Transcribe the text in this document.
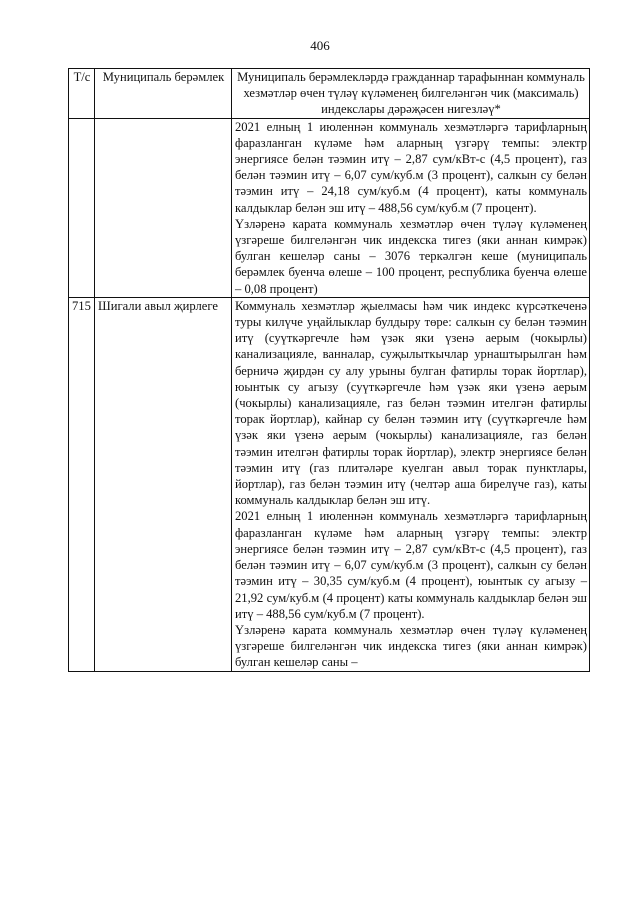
406
Т/с	Муниципаль берәмлек	Муниципаль берәмлекләрдә гражданнар тарафыннан коммуналь хезмәтләр өчен түләү күләменең билгеләнгән чик (максималь) индекслары дәрәҗәсен нигезләү*

		2021 елның 1 июленнән коммуналь хезмәтләргә тарифларның фаразланган күләме һәм аларның үзгәрү темпы: электр энергиясе белән тәэмин итү – 2,87 сум/кВт-с (4,5 процент), газ белән тәэмин итү – 6,07 сум/куб.м (3 процент), салкын су белән тәэмин итү – 24,18 сум/куб.м (4 процент), каты коммуналь калдыклар белән эш итү – 488,56 сум/куб.м (7 процент).

Үзләренә карата коммуналь хезмәтләр өчен түләү күләменең үзгәреше билгеләнгән чик индекска тигез (яки аннан кимрәк) булган кешеләр саны – 3076 теркәлгән кеше (муниципаль берәмлек буенча өлеше – 100 процент, республика буенча өлеше – 0,08 процент)

715	Шигали авыл җирлеге	Коммуналь хезмәтләр җыелмасы һәм чик индекс күрсәткеченә туры килүче уңайлыклар булдыру төре: салкын су белән тәэмин итү (суүткәргечле һәм үзәк яки үзенә аерым (чокырлы) канализацияле, ванналар, суҗылыткычлар урнаштырылган һәм берничә җирдән су алу урыны булган фатирлы торак йортлар), юынтык су агызу (суүткәргечле һәм үзәк яки үзенә аерым (чокырлы) канализацияле, газ белән тәэмин ителгән фатирлы торак йортлар), кайнар су белән тәэмин итү (суүткәргечле һәм үзәк яки үзенә аерым (чокырлы) канализацияле, газ белән тәэмин ителгән фатирлы торак йортлар), электр энергиясе белән тәэмин итү (газ плитәләре куелган авыл торак пунктлары, йортлар), газ белән тәэмин итү (челтәр аша бирелүче газ), каты коммуналь калдыклар белән эш итү.

2021 елның 1 июленнән коммуналь хезмәтләргә тарифларның фаразланган күләме һәм аларның үзгәрү темпы: электр энергиясе белән тәэмин итү – 2,87 сум/кВт-с (4,5 процент), газ белән тәэмин итү – 6,07 сум/куб.м (3 процент), салкын су белән тәэмин итү – 30,35 сум/куб.м (4 процент), юынтык су агызу – 21,92 сум/куб.м (4 процент) каты коммуналь калдыклар белән эш итү – 488,56 сум/куб.м (7 процент).

Үзләренә карата коммуналь хезмәтләр өчен түләү күләменең үзгәреше билгеләнгән чик индекска тигез (яки аннан кимрәк) булган кешеләр саны –
